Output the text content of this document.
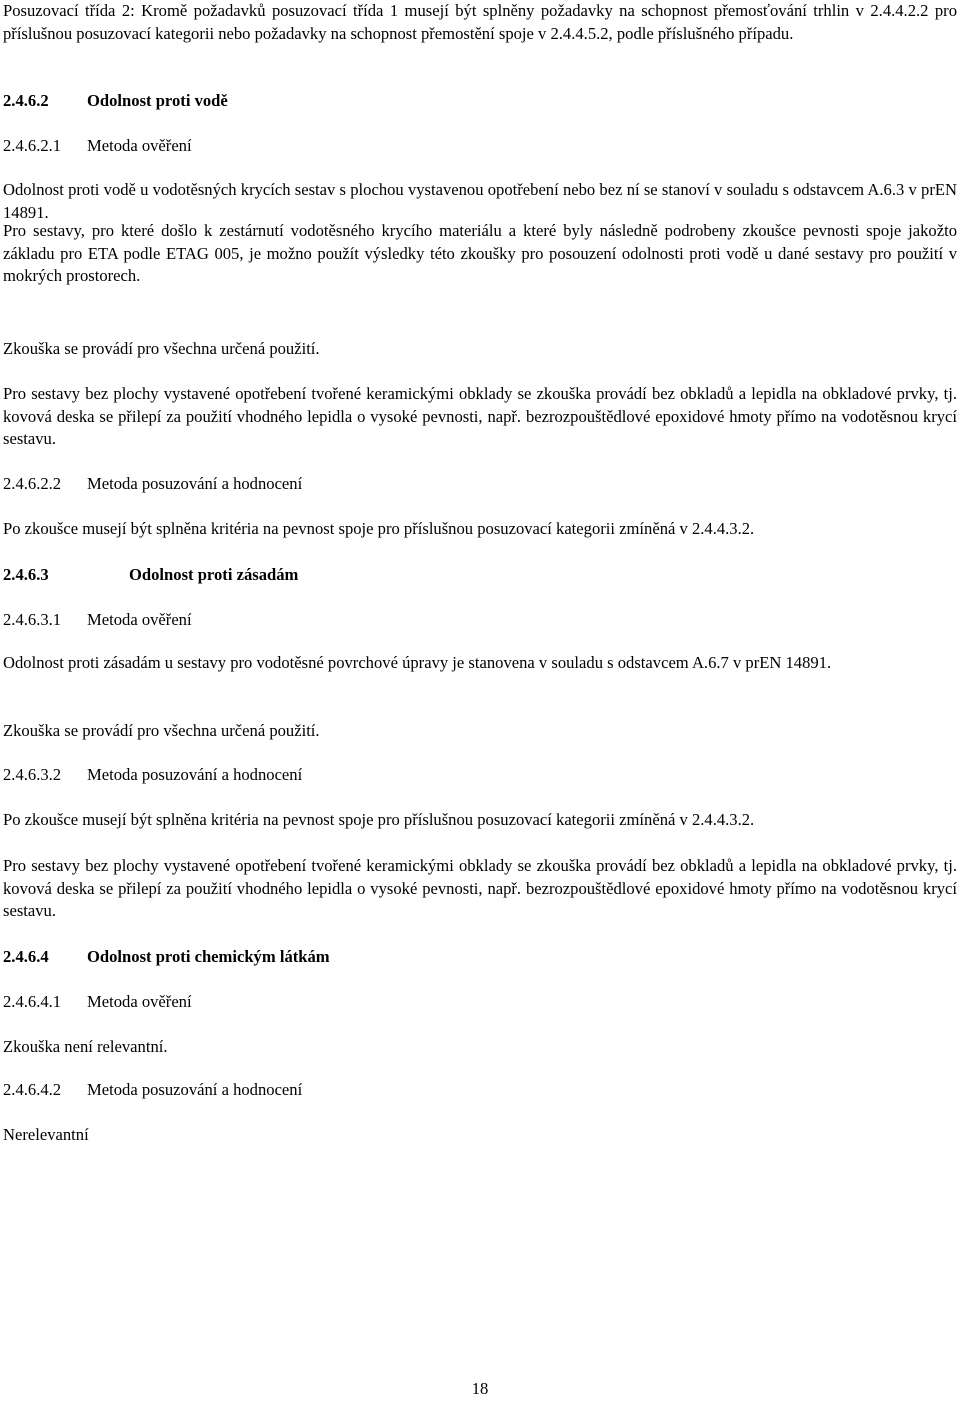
Posuzovací třída 2: Kromě požadavků posuzovací třída 1 musejí být splněny požadavky na schopnost přemosťování trhlin v 2.4.4.2.2 pro příslušnou posuzovací kategorii nebo požadavky na schopnost přemostění spoje v 2.4.4.5.2, podle příslušného případu.

2.4.6.2 Odolnost proti vodě
2.4.6.2.1 Metoda ověření

Odolnost proti vodě u vodotěsných krycích sestav s plochou vystavenou opotřebení nebo bez ní se stanoví v souladu s odstavcem A.6.3 v prEN 14891.

Pro sestavy, pro které došlo k zestárnutí vodotěsného krycího materiálu a které byly následně podrobeny zkoušce pevnosti spoje jakožto základu pro ETA podle ETAG 005, je možno použít výsledky této zkoušky pro posouzení odolnosti proti vodě u dané sestavy pro použití v mokrých prostorech.

Zkouška se provádí pro všechna určená použití.

Pro sestavy bez plochy vystavené opotřebení tvořené keramickými obklady se zkouška provádí bez obkladů a lepidla na obkladové prvky, tj. kovová deska se přilepí za použití vhodného lepidla o vysoké pevnosti, např. bezrozpouštědlové epoxidové hmoty přímo na vodotěsnou krycí sestavu.

2.4.6.2.2 Metoda posuzování a hodnocení

Po zkoušce musejí být splněna kritéria na pevnost spoje pro příslušnou posuzovací kategorii zmíněná v 2.4.4.3.2.

2.4.6.3	Odolnost proti zásadám
2.4.6.3.1 Metoda ověření

Odolnost proti zásadám u sestavy pro vodotěsné povrchové úpravy je stanovena v souladu s odstavcem A.6.7 v prEN 14891.

Zkouška se provádí pro všechna určená použití.

2.4.6.3.2 Metoda posuzování a hodnocení

Po zkoušce musejí být splněna kritéria na pevnost spoje pro příslušnou posuzovací kategorii zmíněná v 2.4.4.3.2.

Pro sestavy bez plochy vystavené opotřebení tvořené keramickými obklady se zkouška provádí bez obkladů a lepidla na obkladové prvky, tj. kovová deska se přilepí za použití vhodného lepidla o vysoké pevnosti, např. bezrozpouštědlové epoxidové hmoty přímo na vodotěsnou krycí sestavu.

2.4.6.4 Odolnost proti chemickým látkám
2.4.6.4.1 Metoda ověření

Zkouška není relevantní.

2.4.6.4.2 Metoda posuzování a hodnocení

Nerelevantní

18
